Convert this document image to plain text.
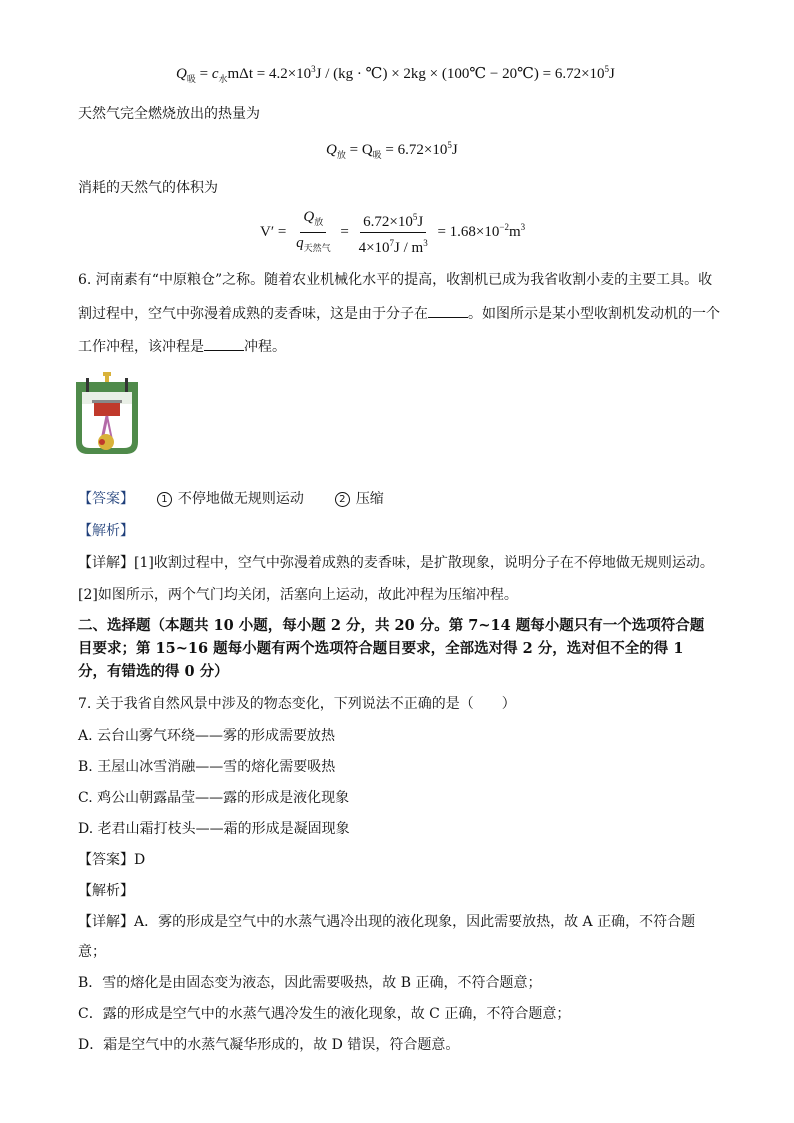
$Q_吸 = c_水m\Delta t = 4.2\times 10^3J / (kg$ · ℃) × 2kg × (100℃ − 20℃) = $6.72\times 10^5J$
天然气完全燃烧放出的热量为
$Q_放 = Q_吸 = 6.72\times 10^5J$
消耗的天然气的体积为
$V' = \frac{Q_放}{q_{天然气}} = \frac{6.72\times 10^5J}{4\times 10^7J / m^3} = 1.68\times 10^{-2}m^3$
6. 河南素有“中原粮仓”之称。随着农业机械化水平的提高，收割机已成为我省收割小麦的主要工具。收
割过程中，空气中弥漫着成熟的麦香味，这是由于分子在	。如图所示是某小型收割机发动机的一个
工作冲程，该冲程是	冲程。
【答案】	1 不停地做无规则运动	2 压缩
【解析】
【详解】[1]收割过程中，空气中弥漫着成熟的麦香味，是扩散现象，说明分子在不停地做无规则运动。
[2]如图所示，两个气门均关闭，活塞向上运动，故此冲程为压缩冲程。
二、选择题（本题共 10 小题，每小题 2 分，共 20 分。第 7~14 题每小题只有一个选项符合题
目要求；第 15~16 题每小题有两个选项符合题目要求，全部选对得 2 分，选对但不全的得 1
分，有错选的得 0 分）
7. 关于我省自然风景中涉及的物态变化，下列说法不正确的是（　　）
A. 云台山雾气环绕——雾的形成需要放热
B. 王屋山冰雪消融——雪的熔化需要吸热
C. 鸡公山朝露晶莹——露的形成是液化现象
D. 老君山霜打枝头——霜的形成是凝固现象
【答案】D
【解析】
【详解】A．雾的形成是空气中的水蒸气遇冷出现的液化现象，因此需要放热，故 A 正确，不符合题
意；
B．雪的熔化是由固态变为液态，因此需要吸热，故 B 正确，不符合题意；
C．露的形成是空气中的水蒸气遇冷发生的液化现象，故 C 正确，不符合题意；
D．霜是空气中的水蒸气凝华形成的，故 D 错误，符合题意。
